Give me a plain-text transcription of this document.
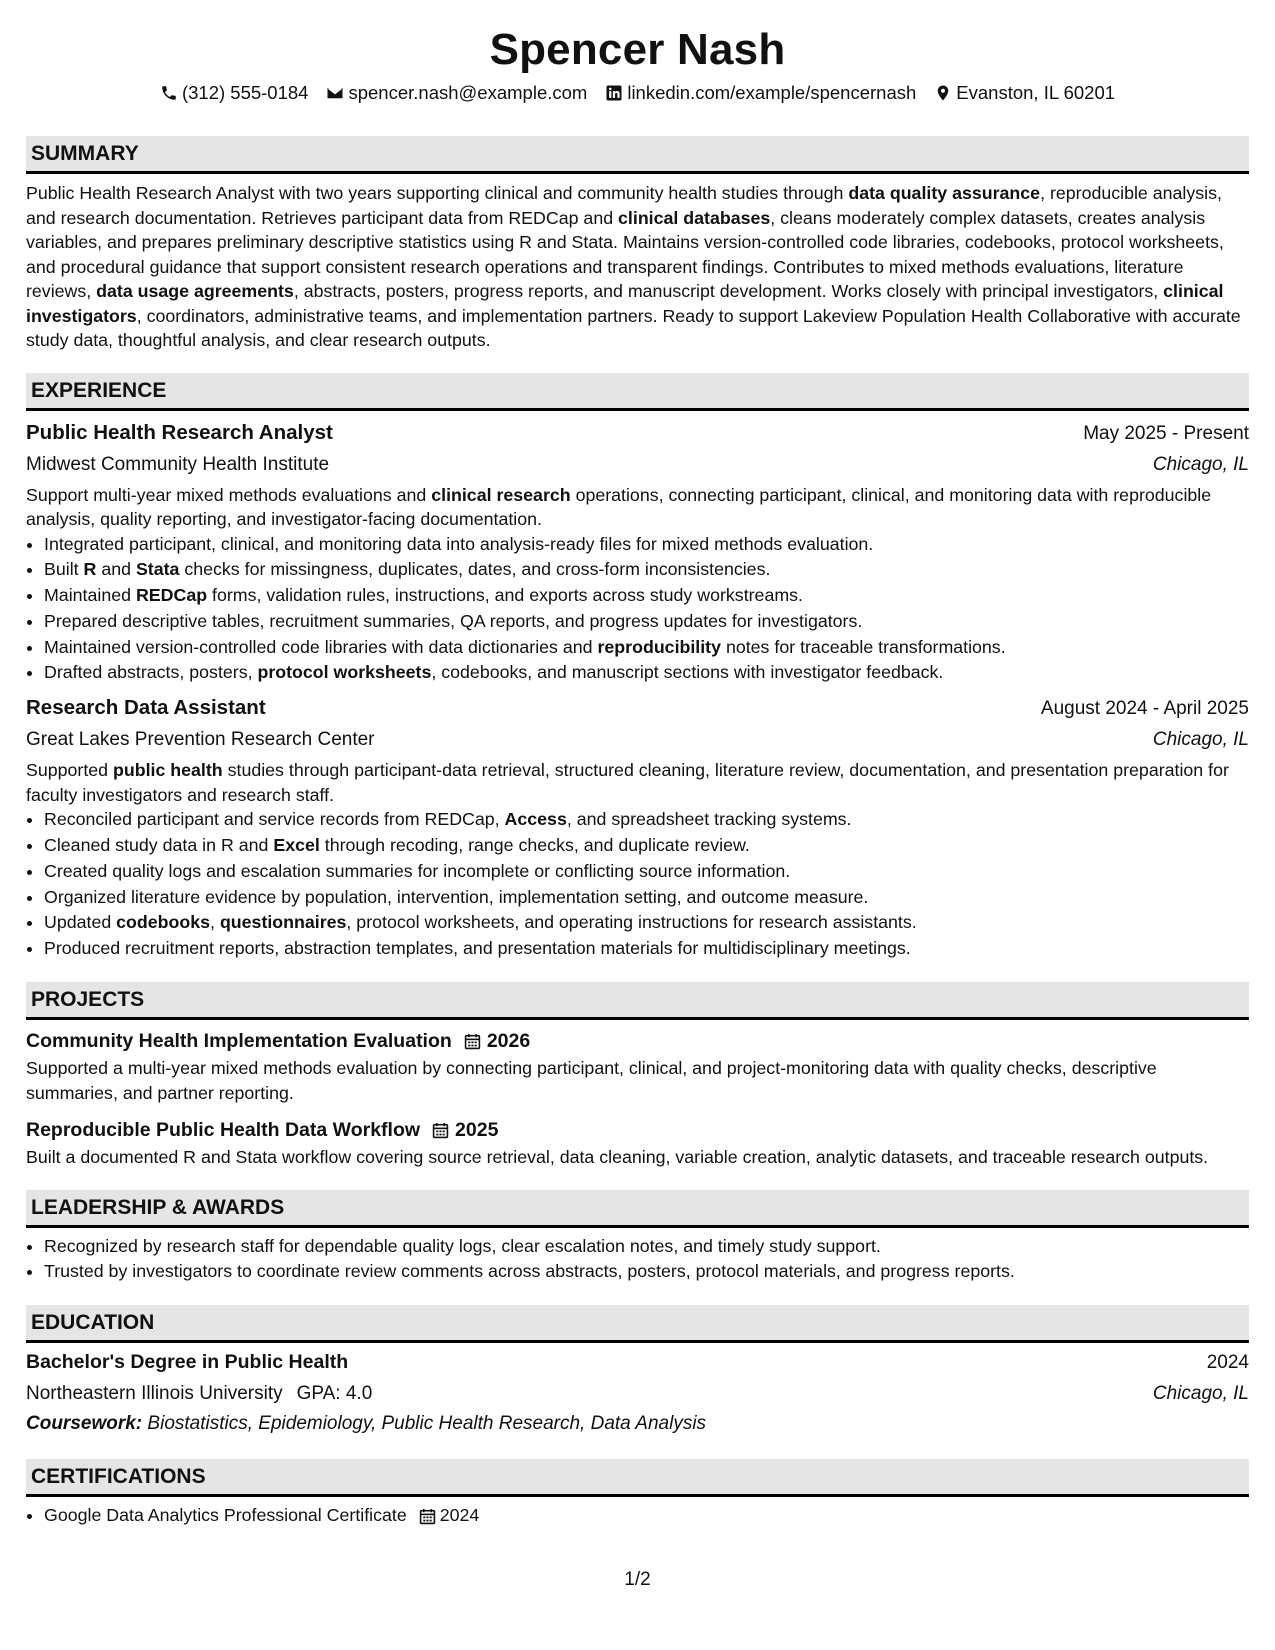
Spencer Nash
(312) 555-0184 spencer.nash@example.com linkedin.com/example/spencernash Evanston, IL 60201
SUMMARY

Public Health Research Analyst with two years supporting clinical and community health studies through data quality assurance, reproducible analysis, and research documentation. Retrieves participant data from REDCap and clinical databases, cleans moderately complex datasets, creates analysis variables, and prepares preliminary descriptive statistics using R and Stata. Maintains version-controlled code libraries, codebooks, protocol worksheets, and procedural guidance that support consistent research operations and transparent findings. Contributes to mixed methods evaluations, literature reviews, data usage agreements, abstracts, posters, progress reports, and manuscript development. Works closely with principal investigators, clinical investigators, coordinators, administrative teams, and implementation partners. Ready to support Lakeview Population Health Collaborative with accurate study data, thoughtful analysis, and clear research outputs.

EXPERIENCE
Public Health Research Analyst	May 2025 - Present
Midwest Community Health Institute	Chicago, IL

Support multi-year mixed methods evaluations and clinical research operations, connecting participant, clinical, and monitoring data with reproducible analysis, quality reporting, and investigator-facing documentation.

• Integrated participant, clinical, and monitoring data into analysis-ready files for mixed methods evaluation.
• Built R and Stata checks for missingness, duplicates, dates, and cross-form inconsistencies.
• Maintained REDCap forms, validation rules, instructions, and exports across study workstreams.
• Prepared descriptive tables, recruitment summaries, QA reports, and progress updates for investigators.
• Maintained version-controlled code libraries with data dictionaries and reproducibility notes for traceable transformations.
• Drafted abstracts, posters, protocol worksheets, codebooks, and manuscript sections with investigator feedback.
Research Data Assistant	August 2024 - April 2025
Great Lakes Prevention Research Center	Chicago, IL

Supported public health studies through participant-data retrieval, structured cleaning, literature review, documentation, and presentation preparation for faculty investigators and research staff.

• Reconciled participant and service records from REDCap, Access, and spreadsheet tracking systems.
• Cleaned study data in R and Excel through recoding, range checks, and duplicate review.
• Created quality logs and escalation summaries for incomplete or conflicting source information.
• Organized literature evidence by population, intervention, implementation setting, and outcome measure.
• Updated codebooks, questionnaires, protocol worksheets, and operating instructions for research assistants.
• Produced recruitment reports, abstraction templates, and presentation materials for multidisciplinary meetings.
PROJECTS
Community Health Implementation Evaluation 2026

Supported a multi-year mixed methods evaluation by connecting participant, clinical, and project-monitoring data with quality checks, descriptive summaries, and partner reporting.

Reproducible Public Health Data Workflow 2025

Built a documented R and Stata workflow covering source retrieval, data cleaning, variable creation, analytic datasets, and traceable research outputs.

LEADERSHIP & AWARDS
• Recognized by research staff for dependable quality logs, clear escalation notes, and timely study support.
• Trusted by investigators to coordinate review comments across abstracts, posters, protocol materials, and progress reports.
EDUCATION
Bachelor's Degree in Public Health	2024
Northeastern Illinois University GPA: 4.0	Chicago, IL
Coursework: Biostatistics, Epidemiology, Public Health Research, Data Analysis
CERTIFICATIONS
• Google Data Analytics Professional Certificate 2024
1/2
